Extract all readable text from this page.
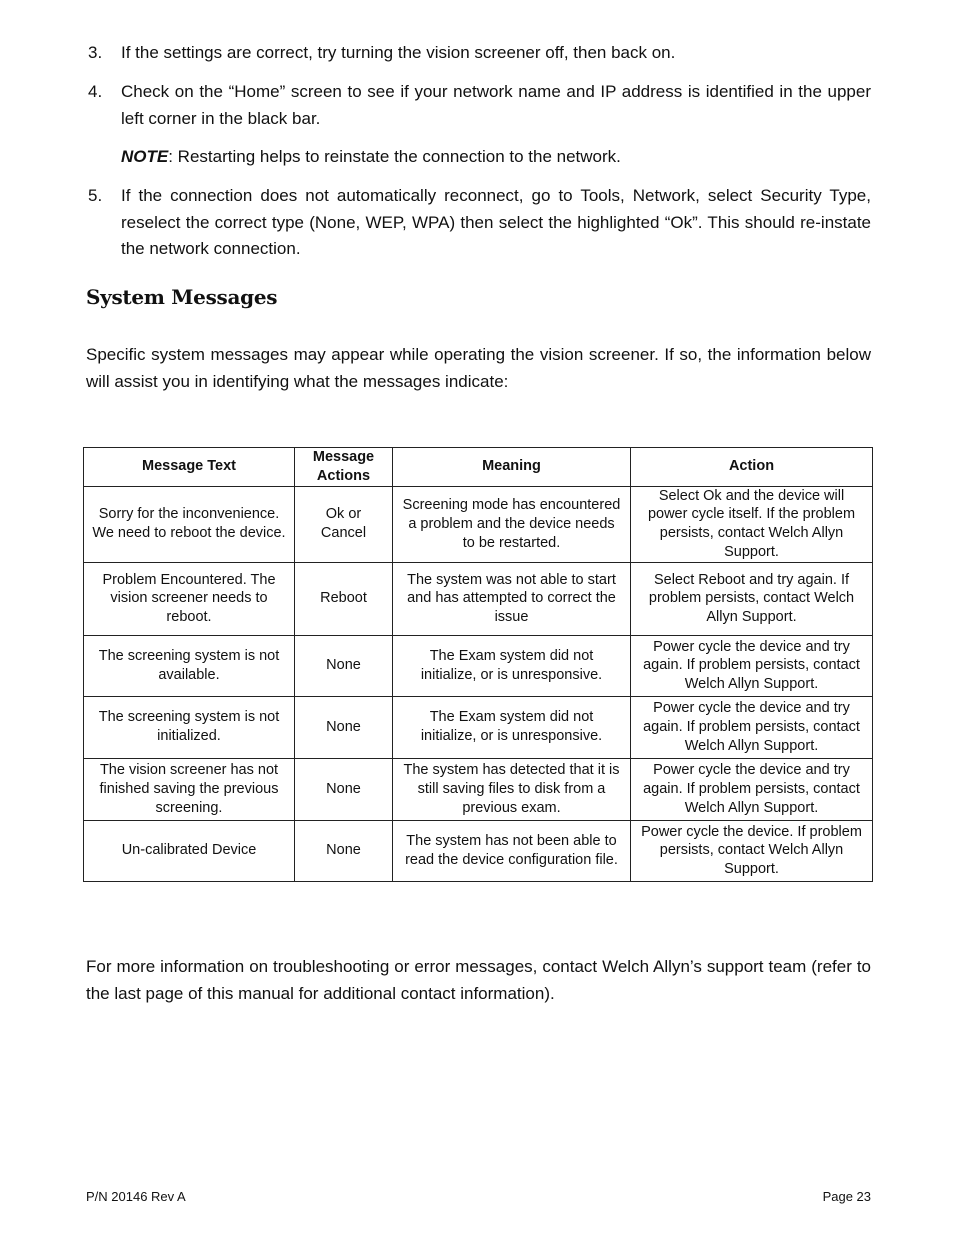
3. If the settings are correct, try turning the vision screener off, then back on.
4. Check on the “Home” screen to see if your network name and IP address is identified in the upper left corner in the black bar.
NOTE: Restarting helps to reinstate the connection to the network.
5. If the connection does not automatically reconnect, go to Tools, Network, select Security Type, reselect the correct type (None, WEP, WPA) then select the highlighted “Ok”. This should re-instate the network connection.
System Messages

Specific system messages may appear while operating the vision screener. If so, the information below will assist you in identifying what the messages indicate:

Message Text	Message Actions	Meaning	Action
Sorry for the inconvenience. We need to reboot the device.	Ok or Cancel	Screening mode has encountered a problem and the device needs to be restarted.	Select Ok and the device will power cycle itself. If the problem persists, contact Welch Allyn Support.
Problem Encountered. The vision screener needs to reboot.	Reboot	The system was not able to start and has attempted to correct the issue	Select Reboot and try again. If problem persists, contact Welch Allyn Support.
The screening system is not available.	None	The Exam system did not initialize, or is unresponsive.	Power cycle the device and try again. If problem persists, contact Welch Allyn Support.
The screening system is not initialized.	None	The Exam system did not initialize, or is unresponsive.	Power cycle the device and try again. If problem persists, contact Welch Allyn Support.
The vision screener has not finished saving the previous screening.	None	The system has detected that it is still saving files to disk from a previous exam.	Power cycle the device and try again. If problem persists, contact Welch Allyn Support.
Un-calibrated Device	None	The system has not been able to read the device configuration file.	Power cycle the device. If problem persists, contact Welch Allyn Support.

For more information on troubleshooting or error messages, contact Welch Allyn’s support team (refer to the last page of this manual for additional contact information).

P/N 20146 Rev A	Page 23
